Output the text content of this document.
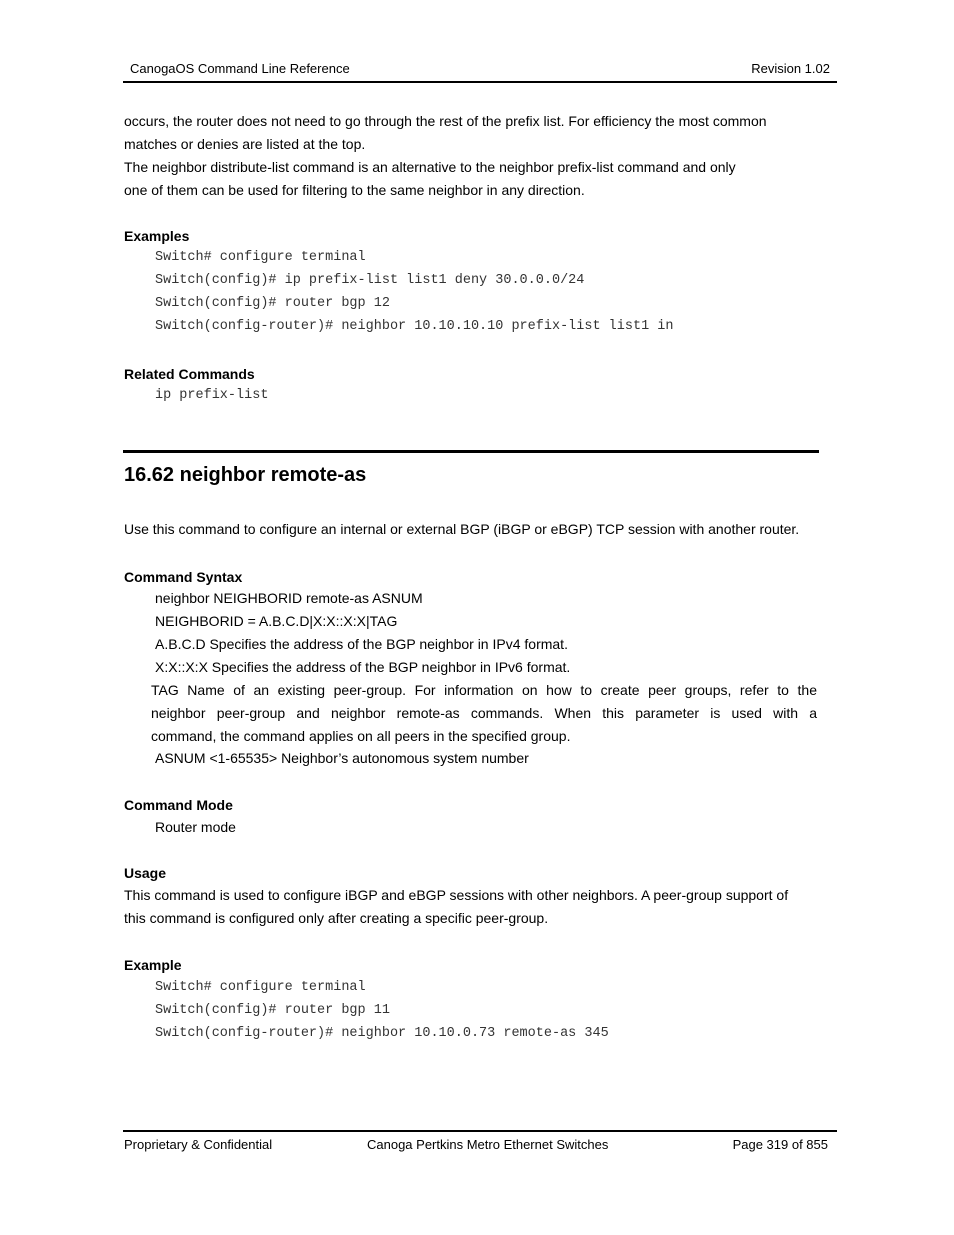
CanogaOS Command Line Reference	Revision 1.02
occurs, the router does not need to go through the rest of the prefix list. For efficiency the most common
matches or denies are listed at the top.
The neighbor distribute-list command is an alternative to the neighbor prefix-list command and only
one of them can be used for filtering to the same neighbor in any direction.
Examples
Switch# configure terminal
Switch(config)# ip prefix-list list1 deny 30.0.0.0/24
Switch(config)# router bgp 12
Switch(config-router)# neighbor 10.10.10.10 prefix-list list1 in
Related Commands
ip prefix-list
16.62 neighbor remote-as
Use this command to configure an internal or external BGP (iBGP or eBGP) TCP session with another router.
Command Syntax
neighbor NEIGHBORID remote-as ASNUM
NEIGHBORID = A.B.C.D|X:X::X:X|TAG
A.B.C.D Specifies the address of the BGP neighbor in IPv4 format.
X:X::X:X Specifies the address of the BGP neighbor in IPv6 format.
TAG Name of an existing peer-group. For information on how to create peer groups, refer to the
neighbor peer-group and neighbor remote-as commands. When this parameter is used with a
command, the command applies on all peers in the specified group.
ASNUM <1-65535> Neighbor’s autonomous system number
Command Mode
Router mode
Usage
This command is used to configure iBGP and eBGP sessions with other neighbors. A peer-group support of
this command is configured only after creating a specific peer-group.
Example
Switch# configure terminal
Switch(config)# router bgp 11
Switch(config-router)# neighbor 10.10.0.73 remote-as 345
Proprietary & Confidential	Canoga Pertkins Metro Ethernet Switches	Page 319 of 855
